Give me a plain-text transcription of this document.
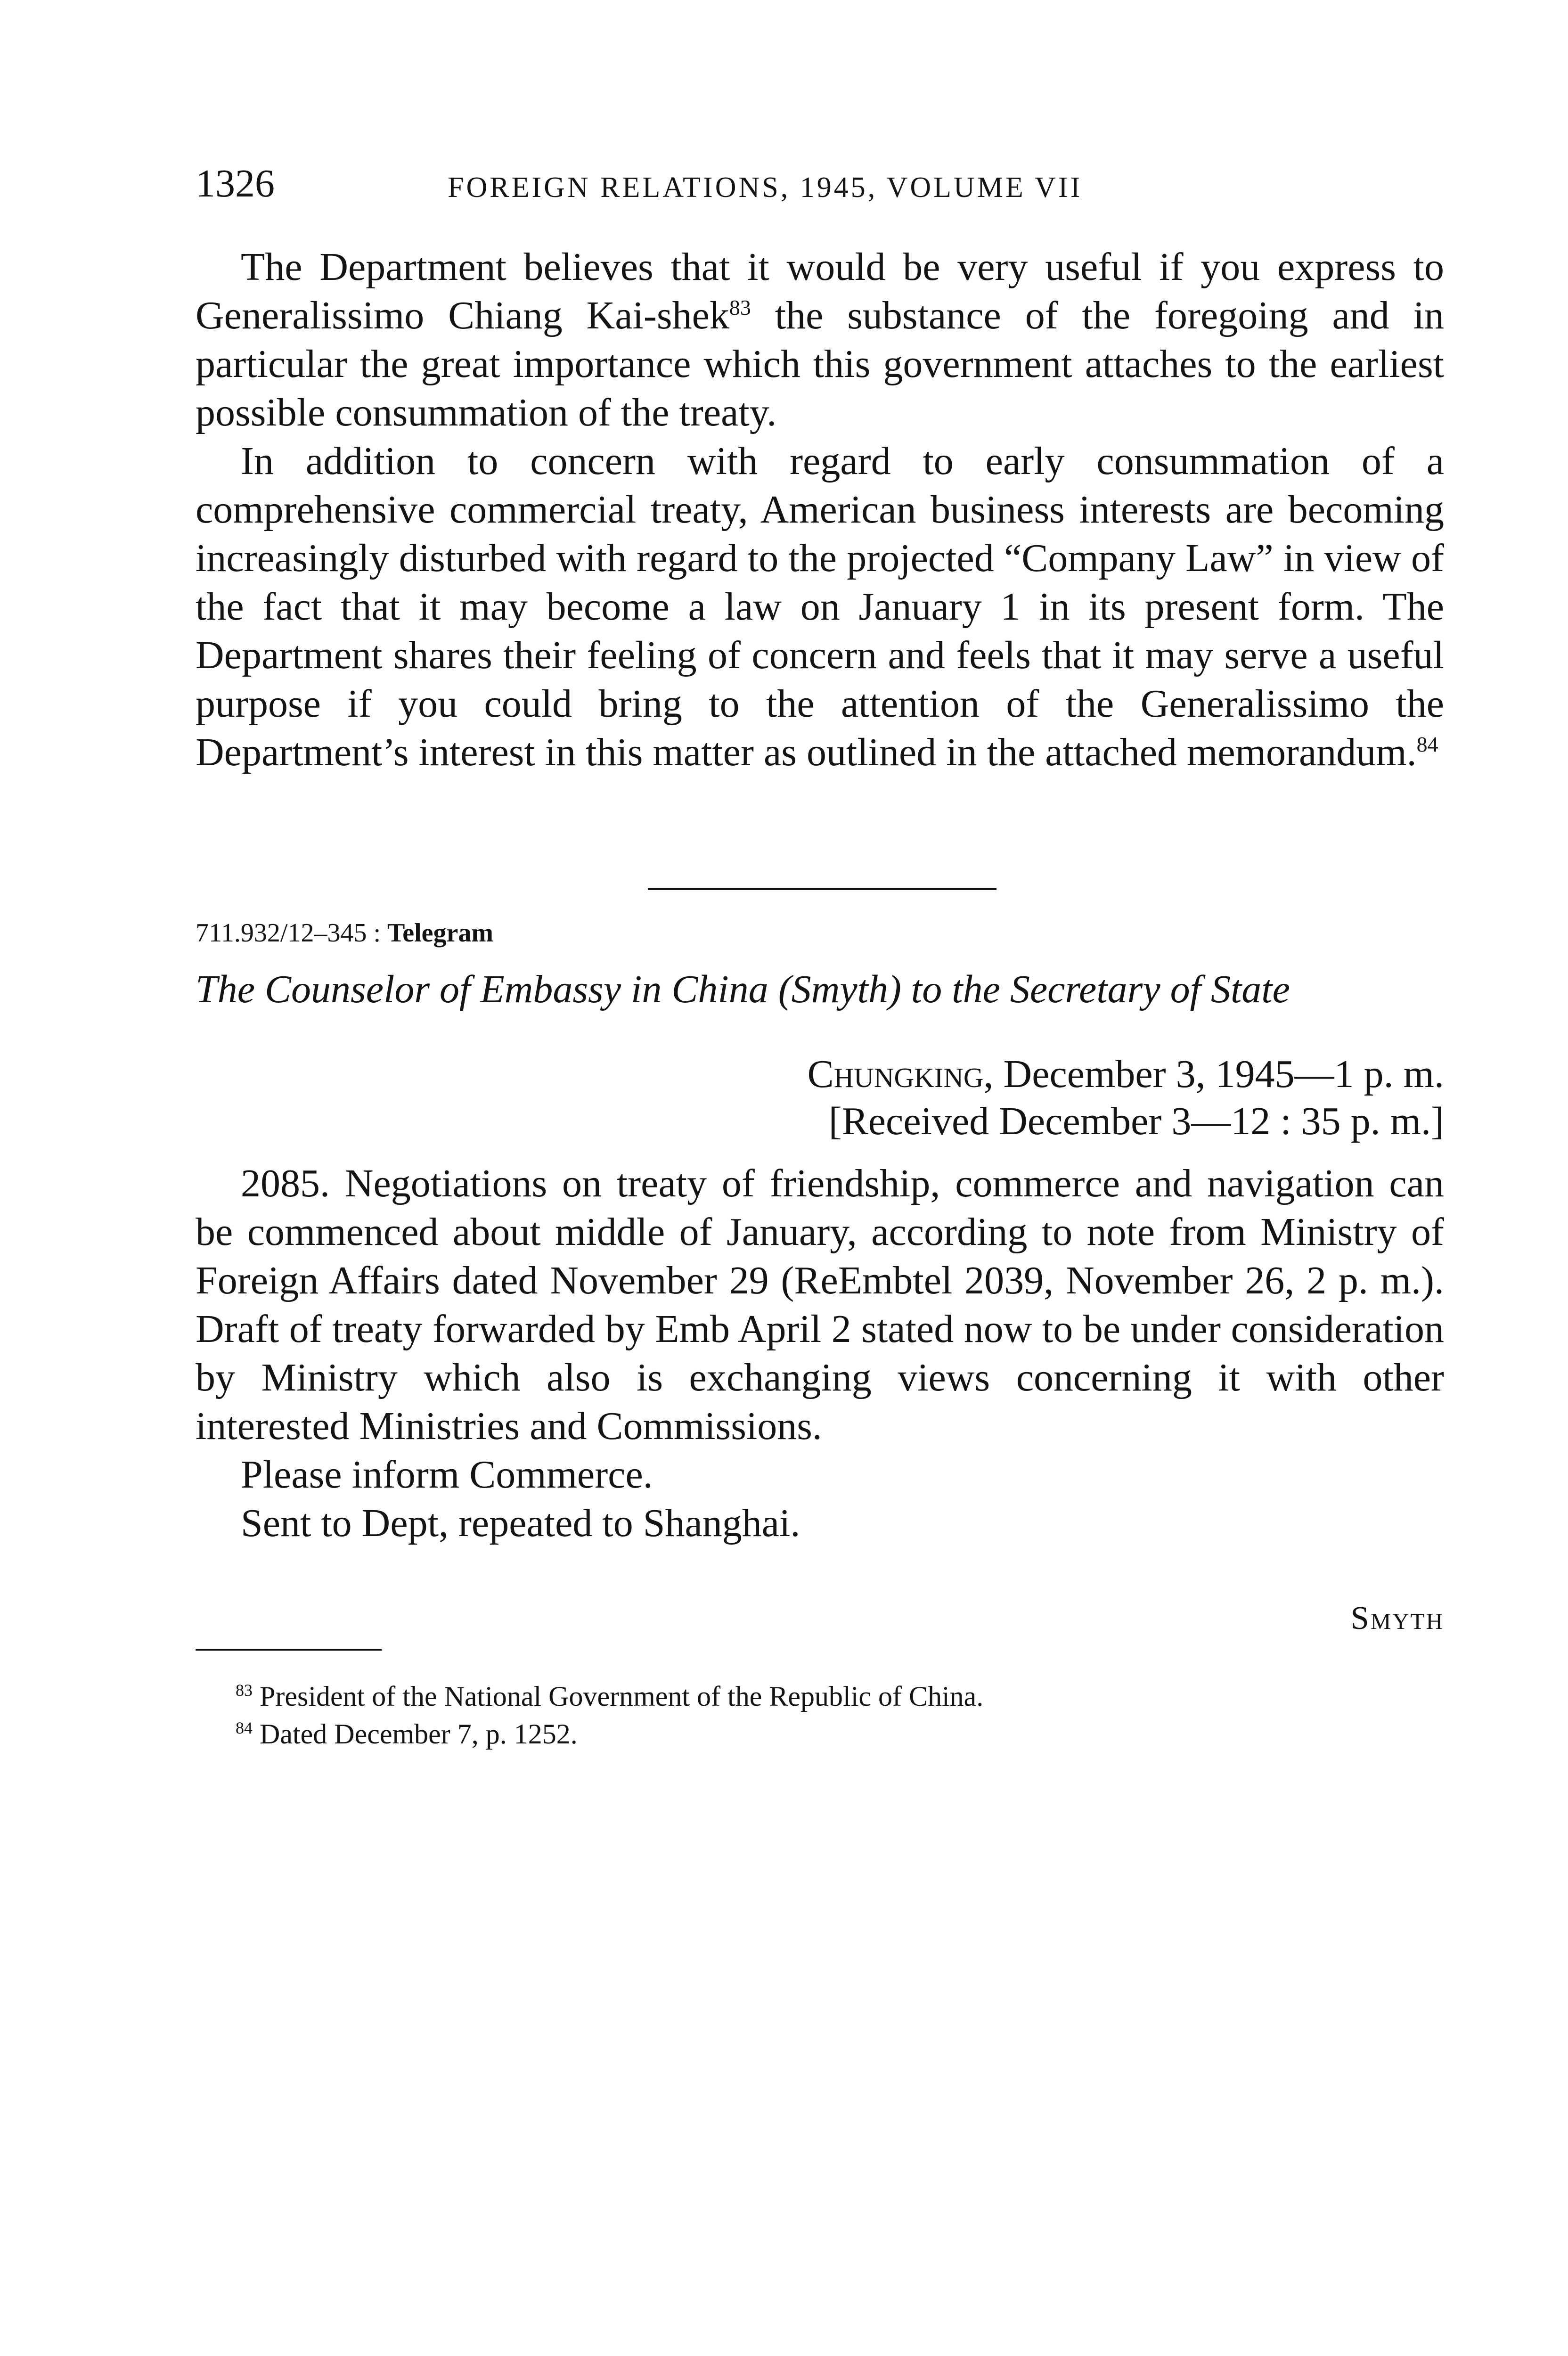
1326	FOREIGN RELATIONS, 1945, VOLUME VII

The Department believes that it would be very useful if you express to Generalissimo Chiang Kai-shek$^{83}$ the substance of the foregoing and in particular the great importance which this government attaches to the earliest possible consummation of the treaty.

In addition to concern with regard to early consummation of a comprehensive commercial treaty, American business interests are becoming increasingly disturbed with regard to the projected “Company Law” in view of the fact that it may become a law on January 1 in its present form. The Department shares their feeling of concern and feels that it may serve a useful purpose if you could bring to the attention of the Generalissimo the Department’s interest in this matter as outlined in the attached memorandum.$^{84}$

711.932/12–345 : Telegram
The Counselor of Embassy in China (Smyth) to the Secretary of State
Chungking, December 3, 1945—1 p. m.
[Received December 3—12 : 35 p. m.]

2085. Negotiations on treaty of friendship, commerce and navigation can be commenced about middle of January, according to note from Ministry of Foreign Affairs dated November 29 (ReEmbtel 2039, November 26, 2 p. m.). Draft of treaty forwarded by Emb April 2 stated now to be under consideration by Ministry which also is exchanging views concerning it with other interested Ministries and Commissions.

Please inform Commerce.

Sent to Dept, repeated to Shanghai.

Smyth

$^{83}$ President of the National Government of the Republic of China.

$^{84}$ Dated December 7, p. 1252.
